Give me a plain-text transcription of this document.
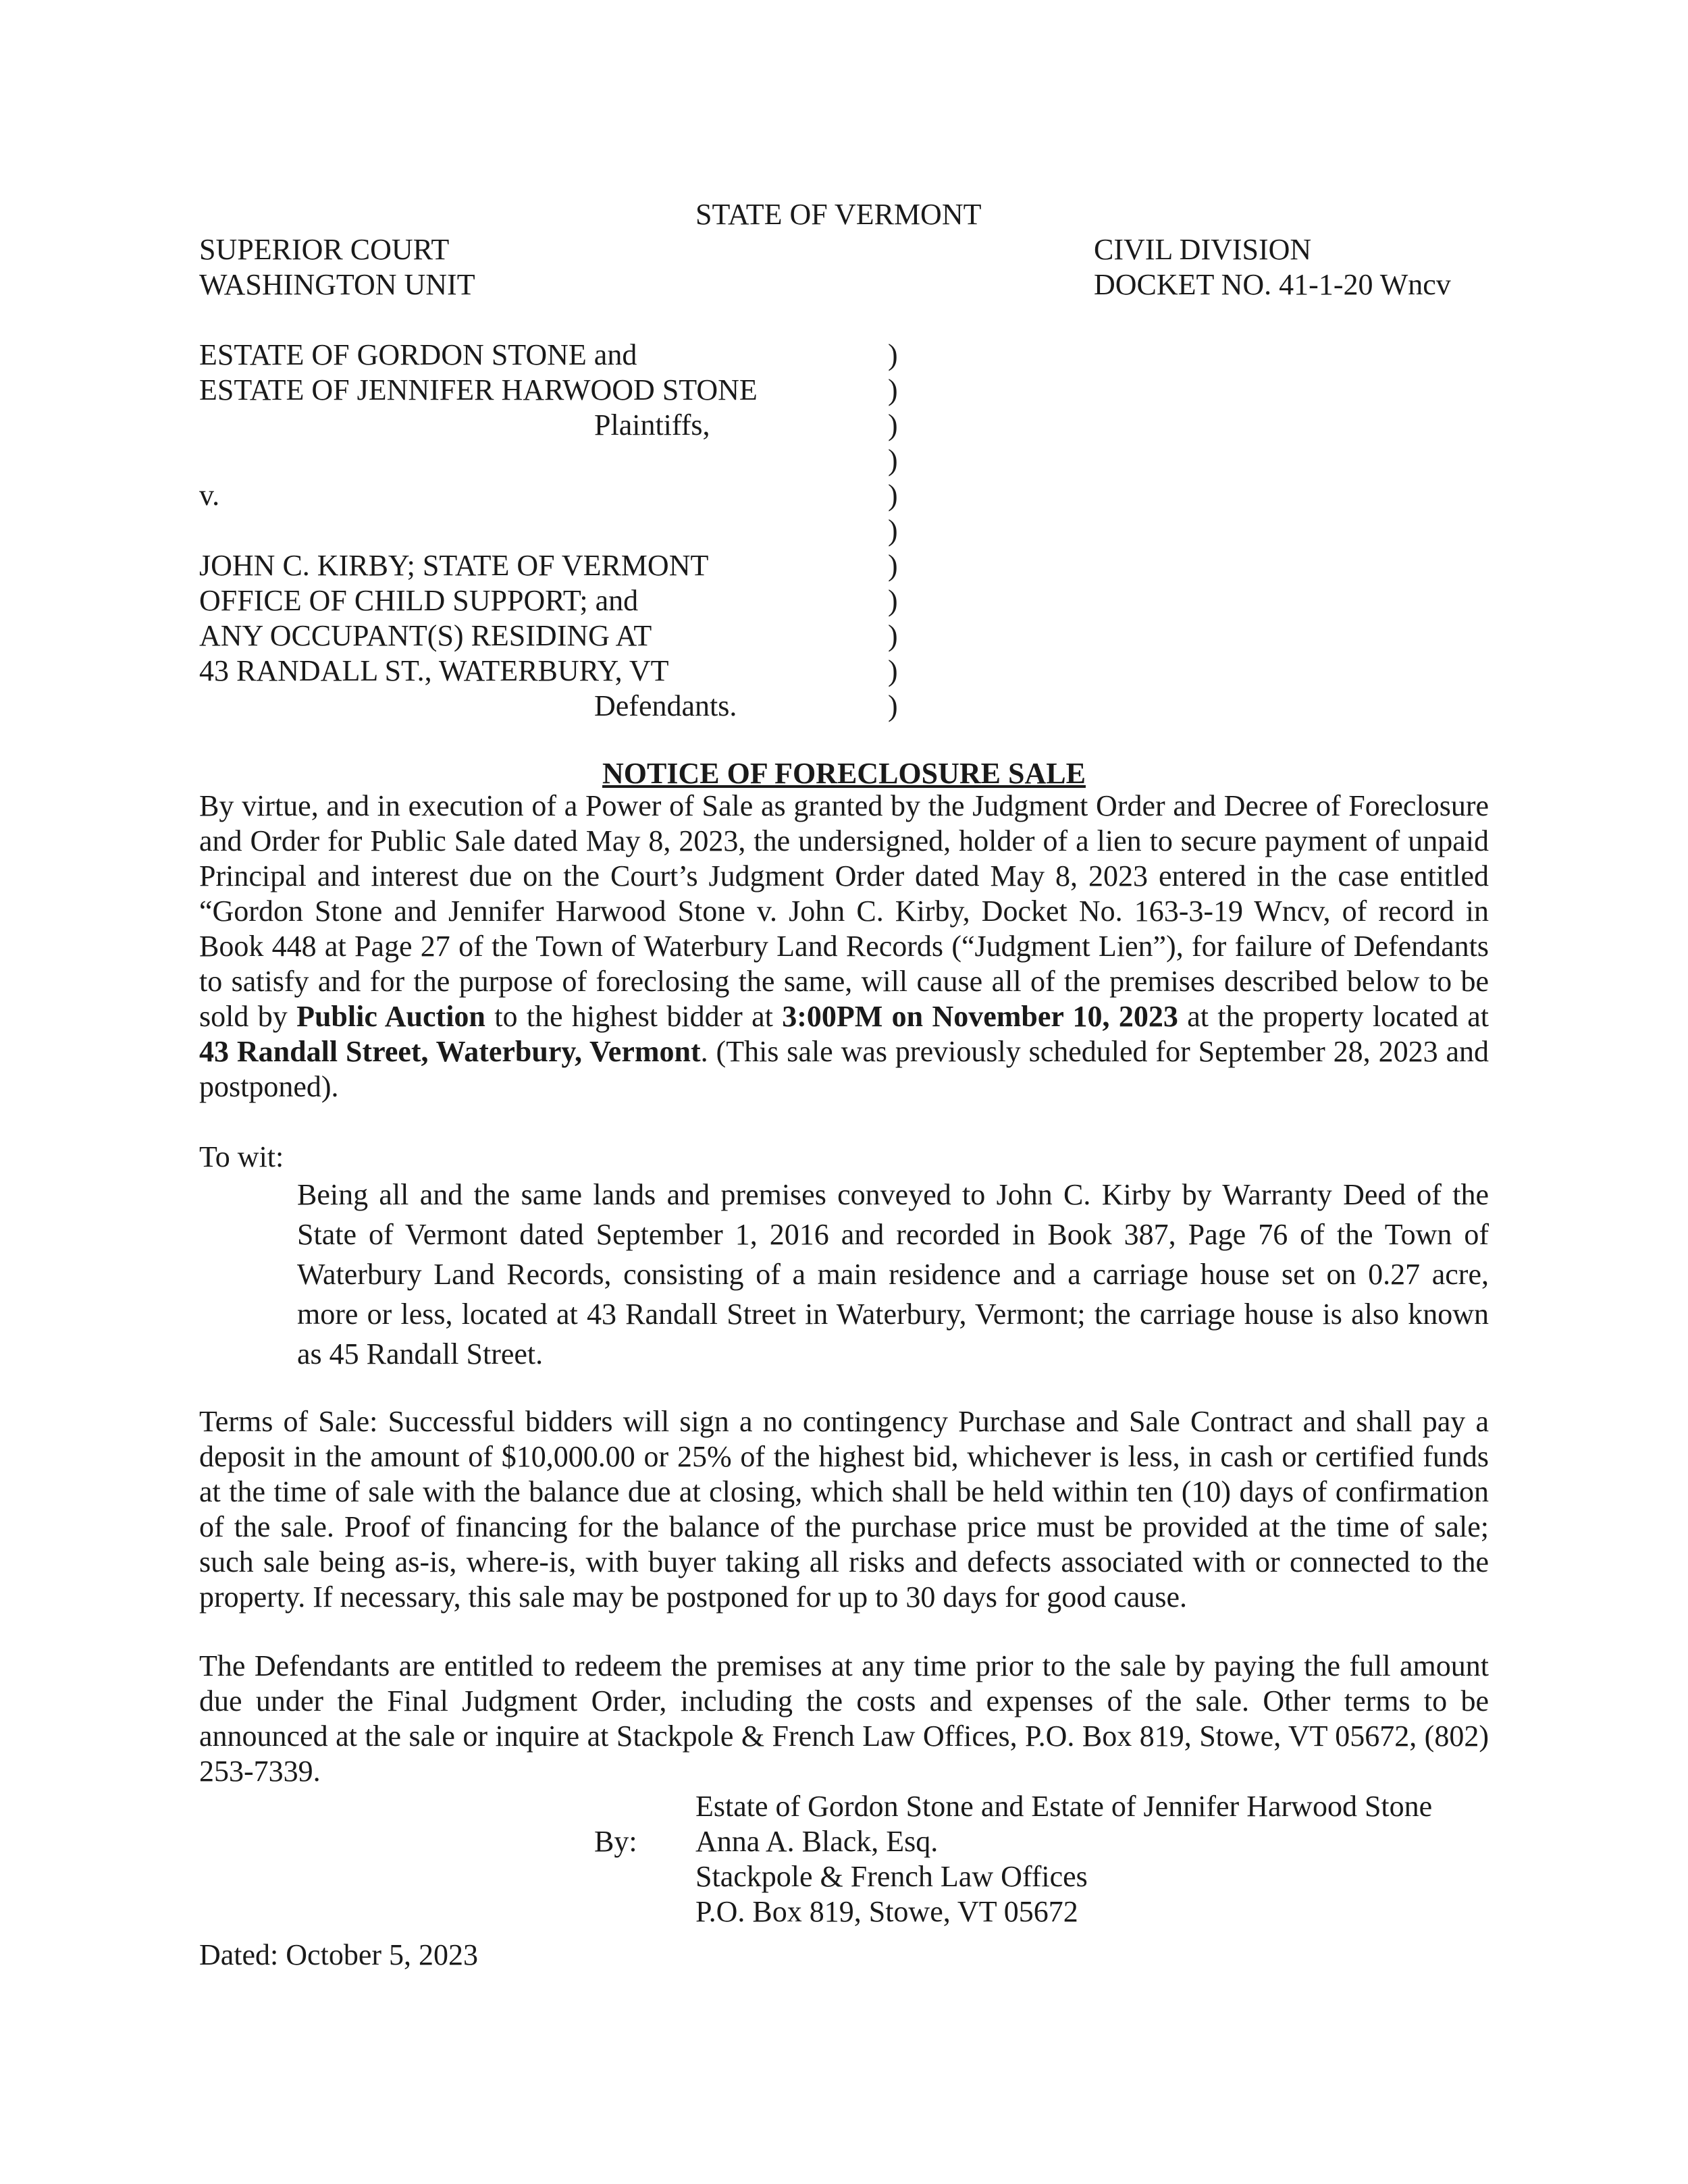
STATE OF VERMONT
SUPERIOR COURT
WASHINGTON UNIT
CIVIL DIVISION
DOCKET NO. 41-1-20 Wncv
ESTATE OF GORDON STONE and
ESTATE OF JENNIFER HARWOOD STONE
Plaintiffs,
v.
JOHN C. KIRBY; STATE OF VERMONT
OFFICE OF CHILD SUPPORT; and
ANY OCCUPANT(S) RESIDING AT
43 RANDALL ST., WATERBURY, VT
Defendants.
)
)
)
)
)
)
)
)
)
)
)
NOTICE OF FORECLOSURE SALE
By virtue, and in execution of a Power of Sale as granted by the Judgment Order and Decree of Foreclosure and Order for Public Sale dated May 8, 2023, the undersigned, holder of a lien to secure payment of unpaid Principal and interest due on the Court’s Judgment Order dated May 8, 2023 entered in the case entitled “Gordon Stone and Jennifer Harwood Stone v. John C. Kirby, Docket No. 163-3-19 Wncv, of record in Book 448 at Page 27 of the Town of Waterbury Land Records (“Judgment Lien”), for failure of Defendants to satisfy and for the purpose of foreclosing the same, will cause all of the premises described below to be sold by Public Auction to the highest bidder at 3:00PM on November 10, 2023 at the property located at 43 Randall Street, Waterbury, Vermont. (This sale was previously scheduled for September 28, 2023 and postponed).
To wit:
Being all and the same lands and premises conveyed to John C. Kirby by Warranty Deed of the State of Vermont dated September 1, 2016 and recorded in Book 387, Page 76 of the Town of Waterbury Land Records, consisting of a main residence and a carriage house set on 0.27 acre, more or less, located at 43 Randall Street in Waterbury, Vermont; the carriage house is also known as 45 Randall Street.
Terms of Sale: Successful bidders will sign a no contingency Purchase and Sale Contract and shall pay a deposit in the amount of $10,000.00 or 25% of the highest bid, whichever is less, in cash or certified funds at the time of sale with the balance due at closing, which shall be held within ten (10) days of confirmation of the sale. Proof of financing for the balance of the purchase price must be provided at the time of sale; such sale being as-is, where-is, with buyer taking all risks and defects associated with or connected to the property. If necessary, this sale may be postponed for up to 30 days for good cause.
The Defendants are entitled to redeem the premises at any time prior to the sale by paying the full amount due under the Final Judgment Order, including the costs and expenses of the sale. Other terms to be announced at the sale or inquire at Stackpole & French Law Offices, P.O. Box 819, Stowe, VT 05672, (802) 253-7339.
By:
Estate of Gordon Stone and Estate of Jennifer Harwood Stone
Anna A. Black, Esq.
Stackpole & French Law Offices
P.O. Box 819, Stowe, VT 05672
Dated: October 5, 2023
